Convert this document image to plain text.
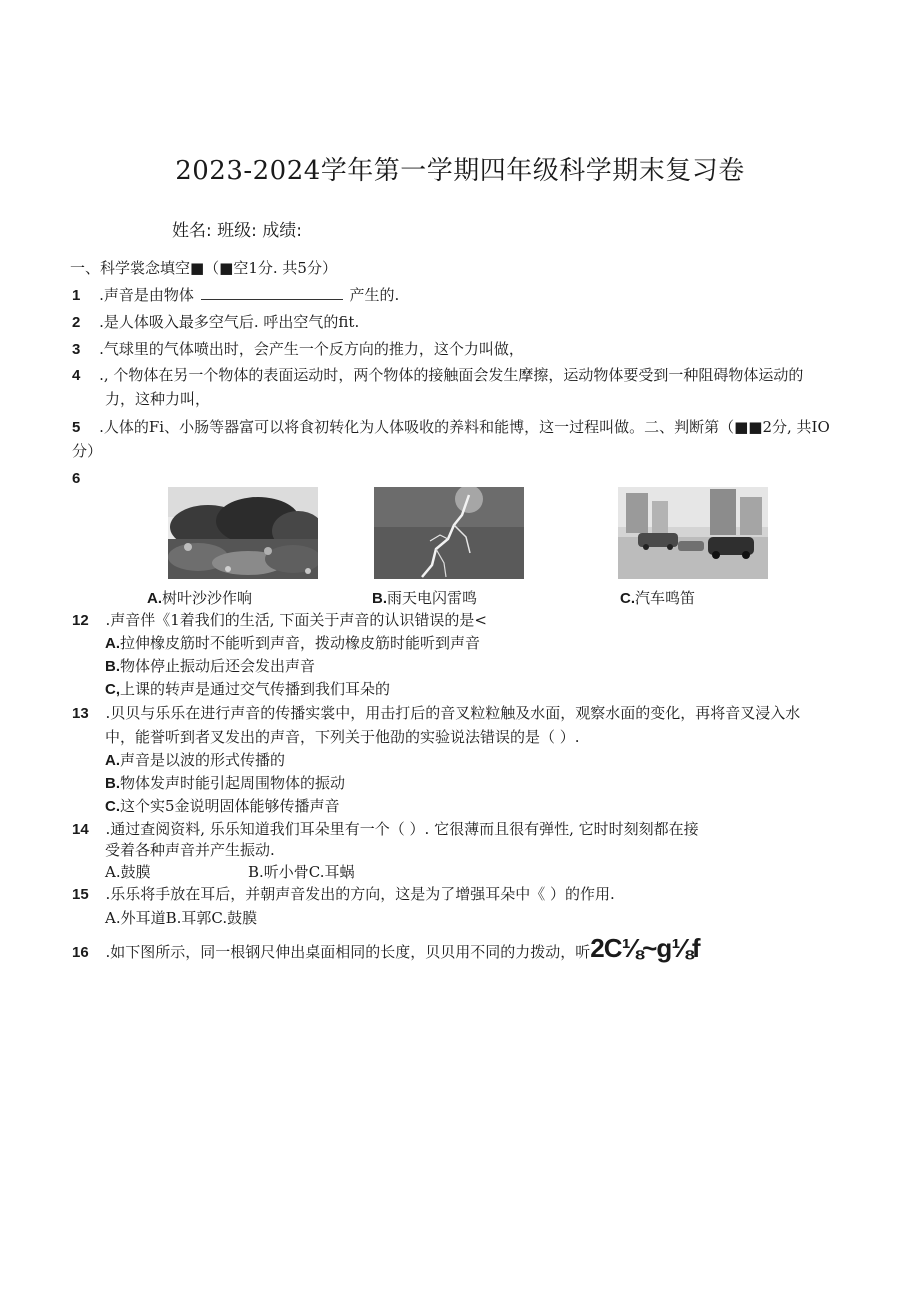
2023-2024学年第一学期四年级科学期末复习卷
姓名: 班级: 成绩:
一、科学裳念填空■（■空1分. 共5分）
1 .声音是由物体	产生的.
2 .是人体吸入最多空气后. 呼出空气的fit.
3 .气球里的气体喷出时，会产生一个反方向的推力，这个力叫做，
4 ., 个物体在另一个物体的表面运动时，两个物体的接触面会发生摩擦，运动物体要受到一种阻碍物体运动的
力，这种力叫，
5 .人体的Fi、小肠等器富可以将食初转化为人体吸收的养料和能博，这一过程叫做。二、判断第（■■2分, 共IO
分）
6
A.树叶沙沙作响	B.雨天电闪雷鸣	C.汽车鸣笛
12 .声音伴《1着我们的生活, 下面关于声音的认识错误的是<
A.拉伸橡皮筋时不能听到声音，拨动橡皮筋时能听到声音
B.物体停止振动后还会发出声音
C,上课的转声是通过交气传播到我们耳朵的
13 .贝贝与乐乐在进行声音的传播实裳中，用击打后的音叉粒粒触及水面，观察水面的变化，再将音叉浸入水
中，能誉听到者叉发出的声音，下列关于他劭的实验说法错误的是（ ）.
A.声音是以波的形式传播的
B.物体发声时能引起周围物体的振动
C.这个实5金说明固体能够传播声音
14 .通过查阅资料, 乐乐知道我们耳朵里有一个（ ）. 它很薄而且很有弹性, 它时时刻刻都在接
受着各种声音并产生振动.
A.鼓膜	B.听小骨C.耳蜗
15 .乐乐将手放在耳后，并朝声音发出的方向，这是为了增强耳朵中《 ）的作用.
A.外耳道B.耳郭C.鼓膜
16 .如下图所示，同一根钢尺伸出桌面相同的长度，贝贝用不同的力拨动，听2C⅛~g⅛f
